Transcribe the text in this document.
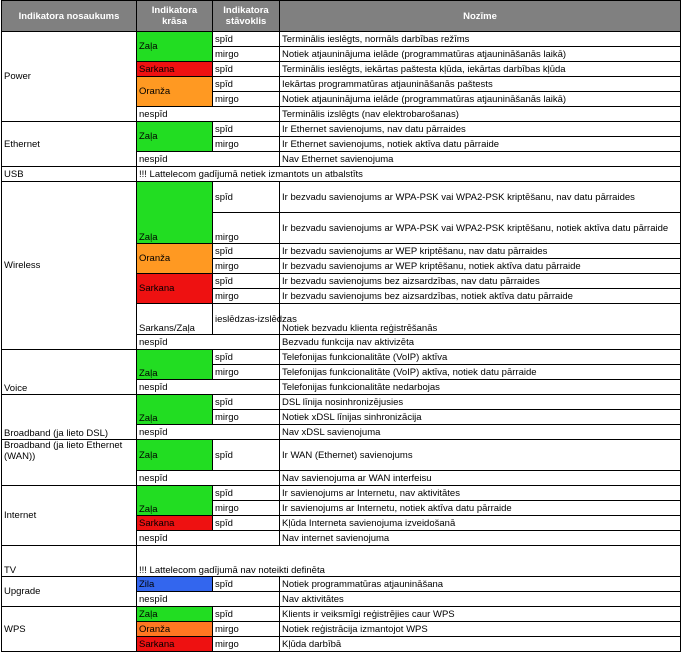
Indikatora nosaukums	Indikatora krāsa	Indikatora stāvoklis	Nozīme
Power	Zaļa	spīd	Terminālis ieslēgts, normāls darbības režīms
		mirgo	Notiek atjauninājuma ielāde (programmatūras atjaunināšanās laikā)
	Sarkana	spīd	Terminālis ieslēgts, iekārtas paštesta kļūda, iekārtas darbības kļūda
	Oranža	spīd	Iekārtas programmatūras atjaunināšanās paštests
		mirgo	Notiek atjauninājuma ielāde (programmatūras atjaunināšanās laikā)
	nespīd		Terminālis izslēgts (nav elektrobarošanas)
Ethernet	Zaļa	spīd	Ir Ethernet savienojums, nav datu pārraides
		mirgo	Ir Ethernet savienojums, notiek aktīva datu pārraide
	nespīd		Nav Ethernet savienojuma
USB	!!! Lattelecom gadījumā netiek izmantots un atbalstīts		
Wireless	Zaļa	spīd	Ir bezvadu savienojums ar WPA-PSK vai WPA2-PSK kriptēšanu, nav datu pārraides
		mirgo	Ir bezvadu savienojums ar WPA-PSK vai WPA2-PSK kriptēšanu, notiek aktīva datu pārraide
	Oranža	spīd	Ir bezvadu savienojums ar WEP kriptēšanu, nav datu pārraides
		mirgo	Ir bezvadu savienojums ar WEP kriptēšanu, notiek aktīva datu pārraide
	Sarkana	spīd	Ir bezvadu savienojums bez aizsardzības, nav datu pārraides
		mirgo	Ir bezvadu savienojums bez aizsardzības, notiek aktīva datu pārraide
	Sarkans/Zaļa	ieslēdzas-izslēdzas	Notiek bezvadu klienta reģistrēšanās
	nespīd		Bezvadu funkcija nav aktivizēta
Voice	Zaļa	spīd	Telefonijas funkcionalitāte (VoIP) aktīva
		mirgo	Telefonijas funkcionalitāte (VoIP) aktīva, notiek datu pārraide
	nespīd		Telefonijas funkcionalitāte nedarbojas
Broadband (ja lieto DSL)	Zaļa	spīd	DSL līnija nosinhronizējusies
		mirgo	Notiek xDSL līnijas sinhronizācija
	nespīd		Nav xDSL savienojuma
Broadband (ja lieto Ethernet (WAN))	Zaļa	spīd	Ir WAN (Ethernet) savienojums
	nespīd		Nav savienojuma ar WAN interfeisu
Internet	Zaļa	spīd	Ir savienojums ar Internetu, nav aktivitātes
		mirgo	Ir savienojums ar Internetu, notiek aktīva datu pārraide
	Sarkana	spīd	Kļūda Interneta savienojuma izveidošanā
	nespīd		Nav internet savienojuma
TV	!!! Lattelecom gadījumā nav noteikti definēta		
Upgrade	Zila	spīd	Notiek programmatūras atjaunināšana
	nespīd		Nav aktivitātes
WPS	Zaļa	spīd	Klients ir veiksmīgi reģistrējies caur WPS
	Oranža	mirgo	Notiek reģistrācija izmantojot WPS
	Sarkana	mirgo	Kļūda darbībā
